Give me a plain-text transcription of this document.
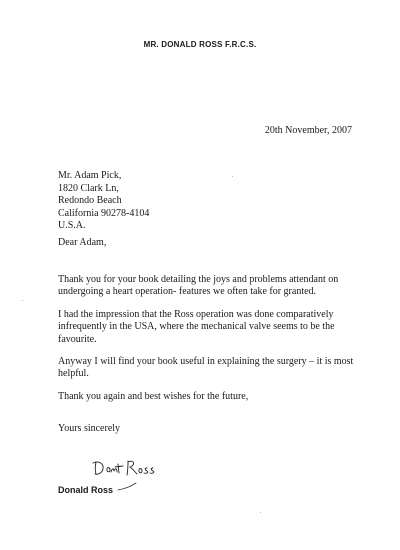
MR. DONALD ROSS F.R.C.S.
20th November, 2007
Mr. Adam Pick,
1820 Clark Ln,
Redondo Beach
California 90278-4104
U.S.A.
Dear Adam,

Thank you for your book detailing the joys and problems attendant on undergoing a heart operation- features we often take for granted.

I had the impression that the Ross operation was done comparatively infrequently in the USA, where the mechanical valve seems to be the favourite.

Anyway I will find your book useful in explaining the surgery – it is most helpful.

Thank you again and best wishes for the future,

Yours sincerely
Donald Ross
